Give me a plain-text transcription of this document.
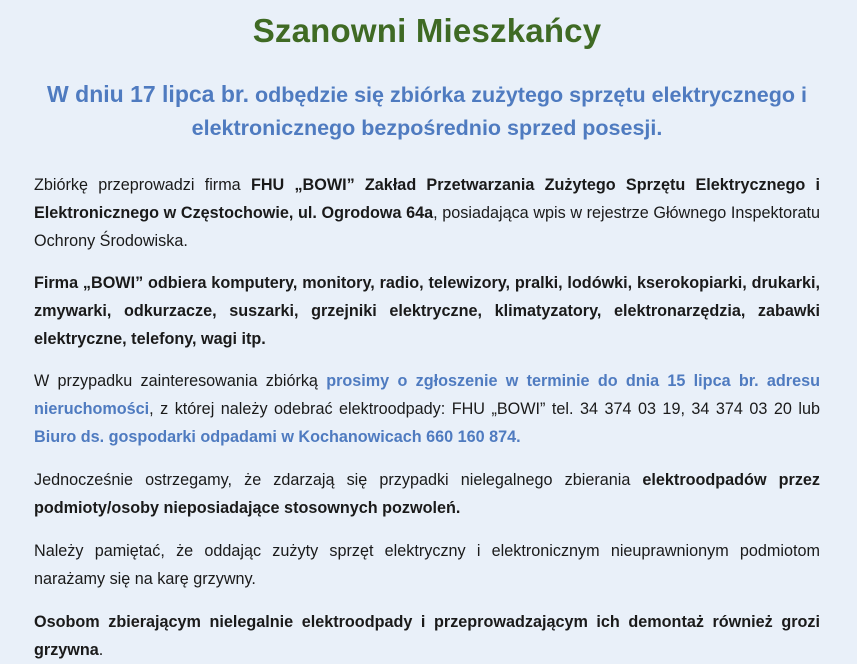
Szanowni Mieszkańcy
W dniu 17 lipca br. odbędzie się zbiórka zużytego sprzętu elektrycznego i elektronicznego bezpośrednio sprzed posesji.

Zbiórkę przeprowadzi firma FHU „BOWI” Zakład Przetwarzania Zużytego Sprzętu Elektrycznego i Elektronicznego w Częstochowie, ul. Ogrodowa 64a, posiadająca wpis w rejestrze Głównego Inspektoratu Ochrony Środowiska.

Firma „BOWI” odbiera komputery, monitory, radio, telewizory, pralki, lodówki, kserokopiarki, drukarki, zmywarki, odkurzacze, suszarki, grzejniki elektryczne, klimatyzatory, elektronarzędzia, zabawki elektryczne, telefony, wagi itp.

W przypadku zainteresowania zbiórką prosimy o zgłoszenie w terminie do dnia 15 lipca br. adresu nieruchomości, z której należy odebrać elektroodpady: FHU „BOWI” tel. 34 374 03 19, 34 374 03 20 lub Biuro ds. gospodarki odpadami w Kochanowicach 660 160 874.

Jednocześnie ostrzegamy, że zdarzają się przypadki nielegalnego zbierania elektroodpadów przez podmioty/osoby nieposiadające stosownych pozwoleń.

Należy pamiętać, że oddając zużyty sprzęt elektryczny i elektronicznym nieuprawnionym podmiotom narażamy się na karę grzywny.

Osobom zbierającym nielegalnie elektroodpady i przeprowadzającym ich demontaż również grozi grzywna.
